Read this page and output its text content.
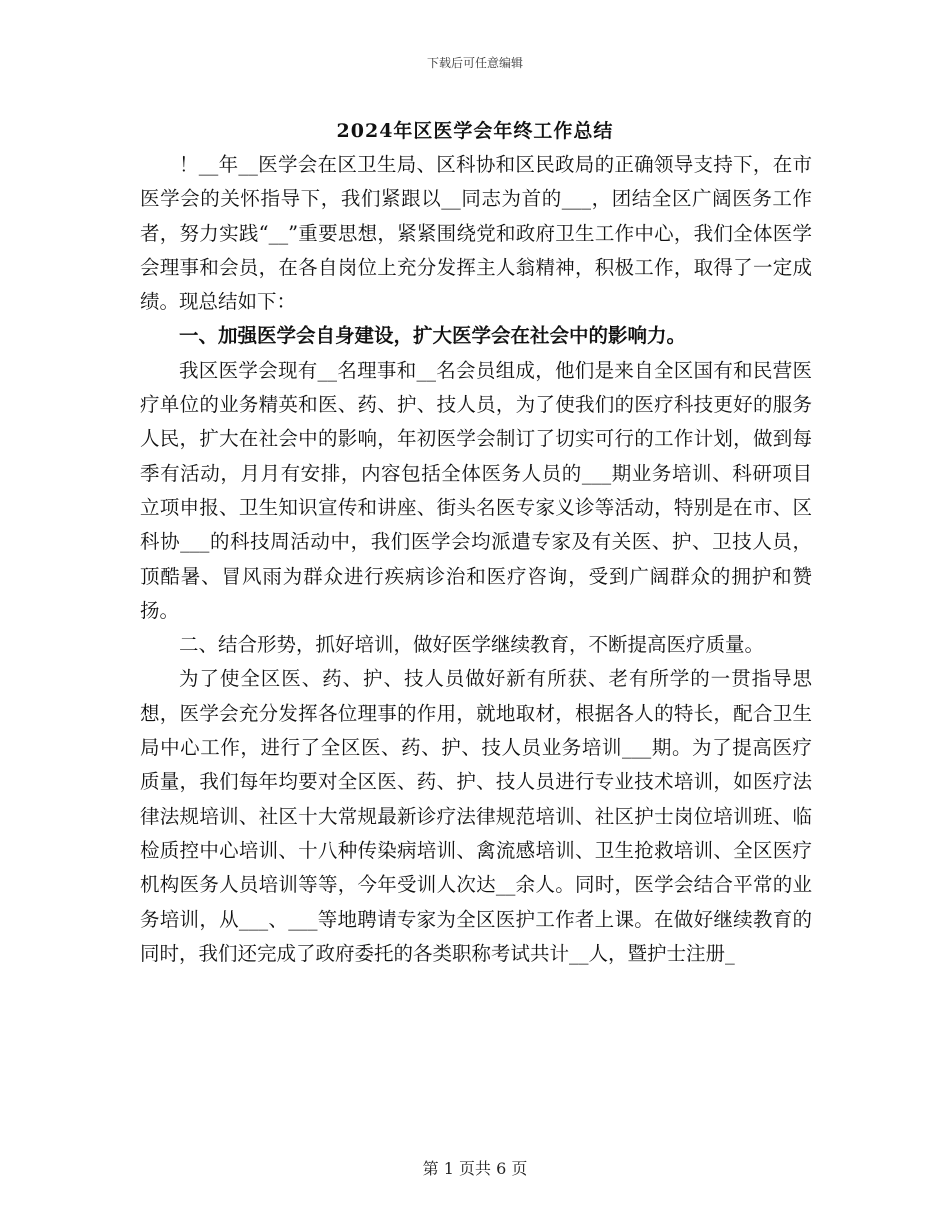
下载后可任意编辑
2024年区医学会年终工作总结

！__年__医学会在区卫生局、区科协和区民政局的正确领导支持下，在市医学会的关怀指导下，我们紧跟以__同志为首的___，团结全区广阔医务工作者，努力实践“__”重要思想，紧紧围绕党和政府卫生工作中心，我们全体医学会理事和会员，在各自岗位上充分发挥主人翁精神，积极工作，取得了一定成绩。现总结如下：

一、加强医学会自身建设，扩大医学会在社会中的影响力。

我区医学会现有__名理事和__名会员组成，他们是来自全区国有和民营医疗单位的业务精英和医、药、护、技人员，为了使我们的医疗科技更好的服务人民，扩大在社会中的影响，年初医学会制订了切实可行的工作计划，做到每季有活动，月月有安排，内容包括全体医务人员的___期业务培训、科研项目立项申报、卫生知识宣传和讲座、街头名医专家义诊等活动，特别是在市、区科协___的科技周活动中，我们医学会均派遣专家及有关医、护、卫技人员，顶酷暑、冒风雨为群众进行疾病诊治和医疗咨询，受到广阔群众的拥护和赞扬。

二、结合形势，抓好培训，做好医学继续教育，不断提高医疗质量。

为了使全区医、药、护、技人员做好新有所获、老有所学的一贯指导思想，医学会充分发挥各位理事的作用，就地取材，根据各人的特长，配合卫生局中心工作，进行了全区医、药、护、技人员业务培训___期。为了提高医疗质量，我们每年均要对全区医、药、护、技人员进行专业技术培训，如医疗法律法规培训、社区十大常规最新诊疗法律规范培训、社区护士岗位培训班、临检质控中心培训、十八种传染病培训、禽流感培训、卫生抢救培训、全区医疗机构医务人员培训等等，今年受训人次达__余人。同时，医学会结合平常的业务培训，从___、___等地聘请专家为全区医护工作者上课。在做好继续教育的同时，我们还完成了政府委托的各类职称考试共计__人，暨护士注册_

第 1 页共 6 页
